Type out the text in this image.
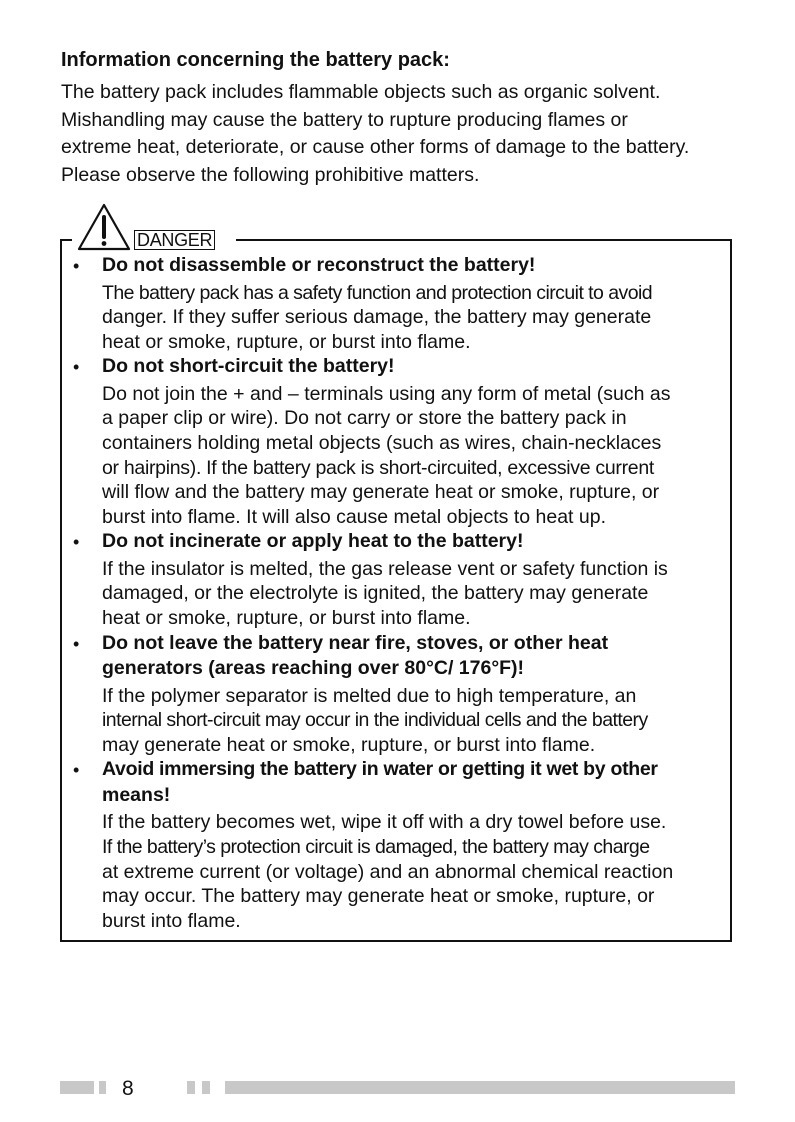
Information concerning the battery pack:

The battery pack includes flammable objects such as organic solvent.
Mishandling may cause the battery to rupture producing flames or
extreme heat, deteriorate, or cause other forms of damage to the battery.
Please observe the following prohibitive matters.

DANGER
• Do not disassemble or reconstruct the battery!

The battery pack has a safety function and protection circuit to avoid
danger. If they suffer serious damage, the battery may generate
heat or smoke, rupture, or burst into flame.

• Do not short-circuit the battery!

Do not join the + and – terminals using any form of metal (such as
a paper clip or wire). Do not carry or store the battery pack in
containers holding metal objects (such as wires, chain-necklaces
or hairpins). If the battery pack is short-circuited, excessive current
will flow and the battery may generate heat or smoke, rupture, or
burst into flame. It will also cause metal objects to heat up.

• Do not incinerate or apply heat to the battery!

If the insulator is melted, the gas release vent or safety function is
damaged, or the electrolyte is ignited, the battery may generate
heat or smoke, rupture, or burst into flame.

• Do not leave the battery near fire, stoves, or other heat
generators (areas reaching over 80°C/ 176°F)!

If the polymer separator is melted due to high temperature, an
internal short-circuit may occur in the individual cells and the battery
may generate heat or smoke, rupture, or burst into flame.

• Avoid immersing the battery in water or getting it wet by other
means!

If the battery becomes wet, wipe it off with a dry towel before use.
If the battery’s protection circuit is damaged, the battery may charge
at extreme current (or voltage) and an abnormal chemical reaction
may occur. The battery may generate heat or smoke, rupture, or
burst into flame.

8
